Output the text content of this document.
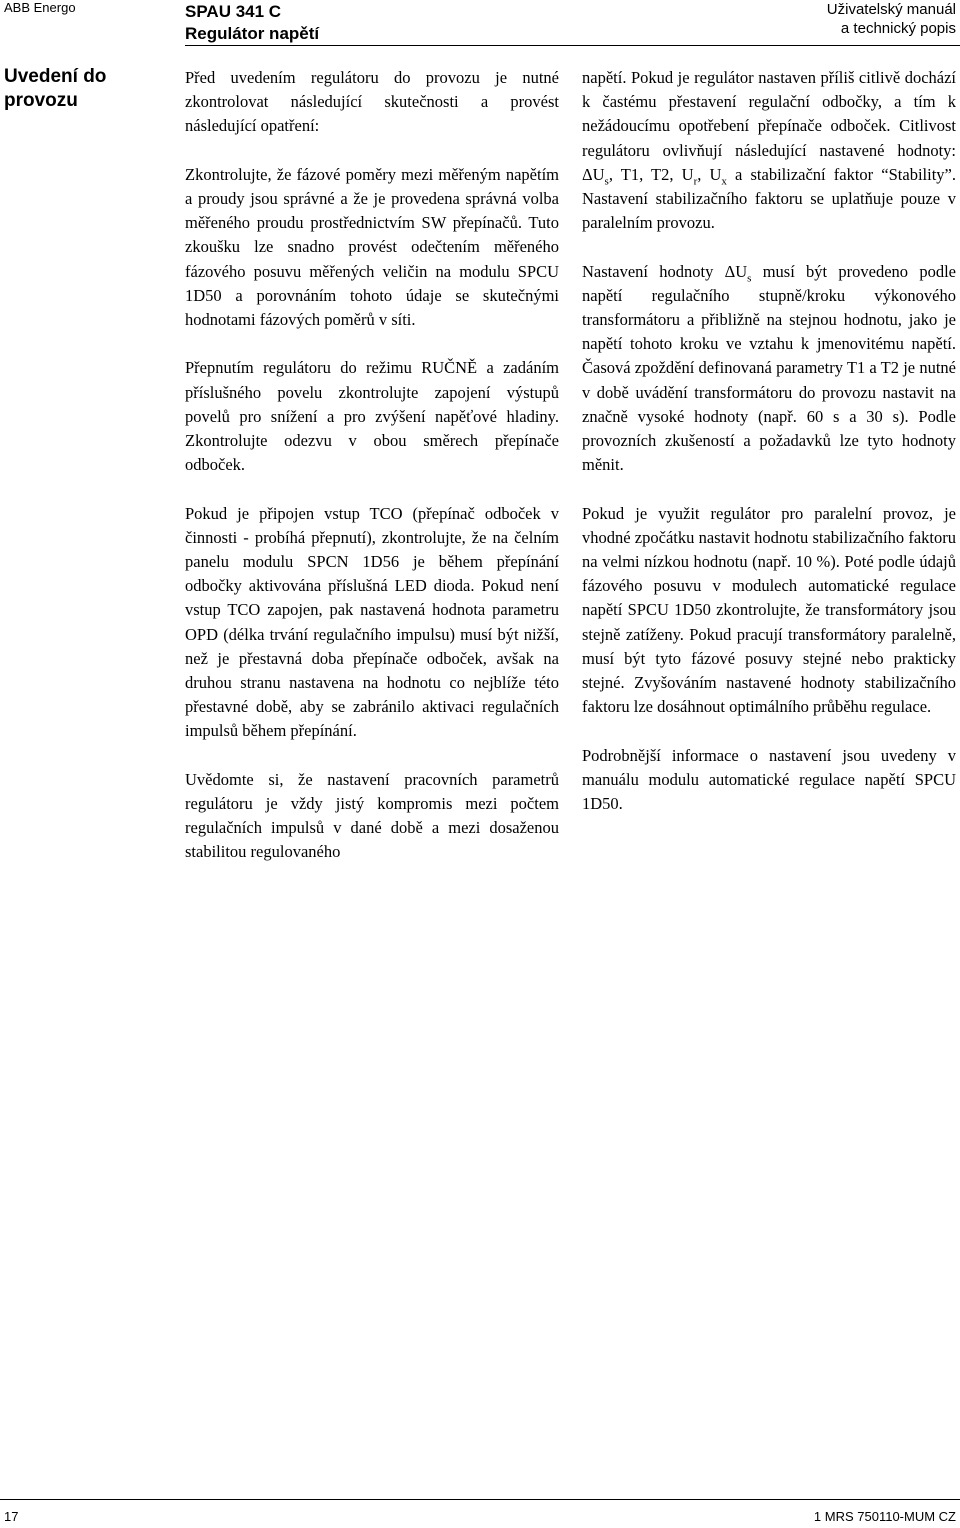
ABB Energo	SPAU 341 C
Regulátor napětí
Uživatelský manuál
a technický popis
Uvedení do provozu

Před uvedením regulátoru do provozu je nutné zkontrolovat následující skutečnosti a provést následující opatření:

Zkontrolujte, že fázové poměry mezi měřeným napětím a proudy jsou správné a že je provedena správná volba měřeného proudu prostřednictvím SW přepínačů. Tuto zkoušku lze snadno provést odečtením měřeného fázového posuvu měřených veličin na modulu SPCU 1D50 a porovnáním tohoto údaje se skutečnými hodnotami fázových poměrů v síti.

Přepnutím regulátoru do režimu RUČNĚ a zadáním příslušného povelu zkontrolujte zapojení výstupů povelů pro snížení a pro zvýšení napěťové hladiny. Zkontrolujte odezvu v obou směrech přepínače odboček.

Pokud je připojen vstup TCO (přepínač odboček v činnosti - probíhá přepnutí), zkontrolujte, že na čelním panelu modulu SPCN 1D56 je během přepínání odbočky aktivována příslušná LED dioda. Pokud není vstup TCO zapojen, pak nastavená hodnota parametru OPD (délka trvání regulačního impulsu) musí být nižší, než je přestavná doba přepínače odboček, avšak na druhou stranu nastavena na hodnotu co nejblíže této přestavné době, aby se zabránilo aktivaci regulačních impulsů během přepínání.

Uvědomte si, že nastavení pracovních parametrů regulátoru je vždy jistý kompromis mezi počtem regulačních impulsů v dané době a mezi dosaženou stabilitou regulovaného

napětí. Pokud je regulátor nastaven příliš citlivě dochází k častému přestavení regulační odbočky, a tím k nežádoucímu opotřebení přepínače odboček. Citlivost regulátoru ovlivňují následující nastavené hodnoty: $\Delta U_s$, T1, T2, $U_r$, $U_x$ a stabilizační faktor “Stability”. Nastavení stabilizačního faktoru se uplatňuje pouze v paralelním provozu.

Nastavení hodnoty $\Delta U_s$ musí být provedeno podle napětí regulačního stupně/kroku výkonového transformátoru a přibližně na stejnou hodnotu, jako je napětí tohoto kroku ve vztahu k jmenovitému napětí. Časová zpoždění definovaná parametry T1 a T2 je nutné v době uvádění transformátoru do provozu nastavit na značně vysoké hodnoty (např. 60 s a 30 s). Podle provozních zkušeností a požadavků lze tyto hodnoty měnit.

Pokud je využit regulátor pro paralelní provoz, je vhodné zpočátku nastavit hodnotu stabilizačního faktoru na velmi nízkou hodnotu (např. 10 %). Poté podle údajů fázového posuvu v modulech automatické regulace napětí SPCU 1D50 zkontrolujte, že transformátory jsou stejně zatíženy. Pokud pracují transformátory paralelně, musí být tyto fázové posuvy stejné nebo prakticky stejné. Zvyšováním nastavené hodnoty stabilizačního faktoru lze dosáhnout optimálního průběhu regulace.

Podrobnější informace o nastavení jsou uvedeny v manuálu modulu automatické regulace napětí SPCU 1D50.

17	1 MRS 750110-MUM CZ
